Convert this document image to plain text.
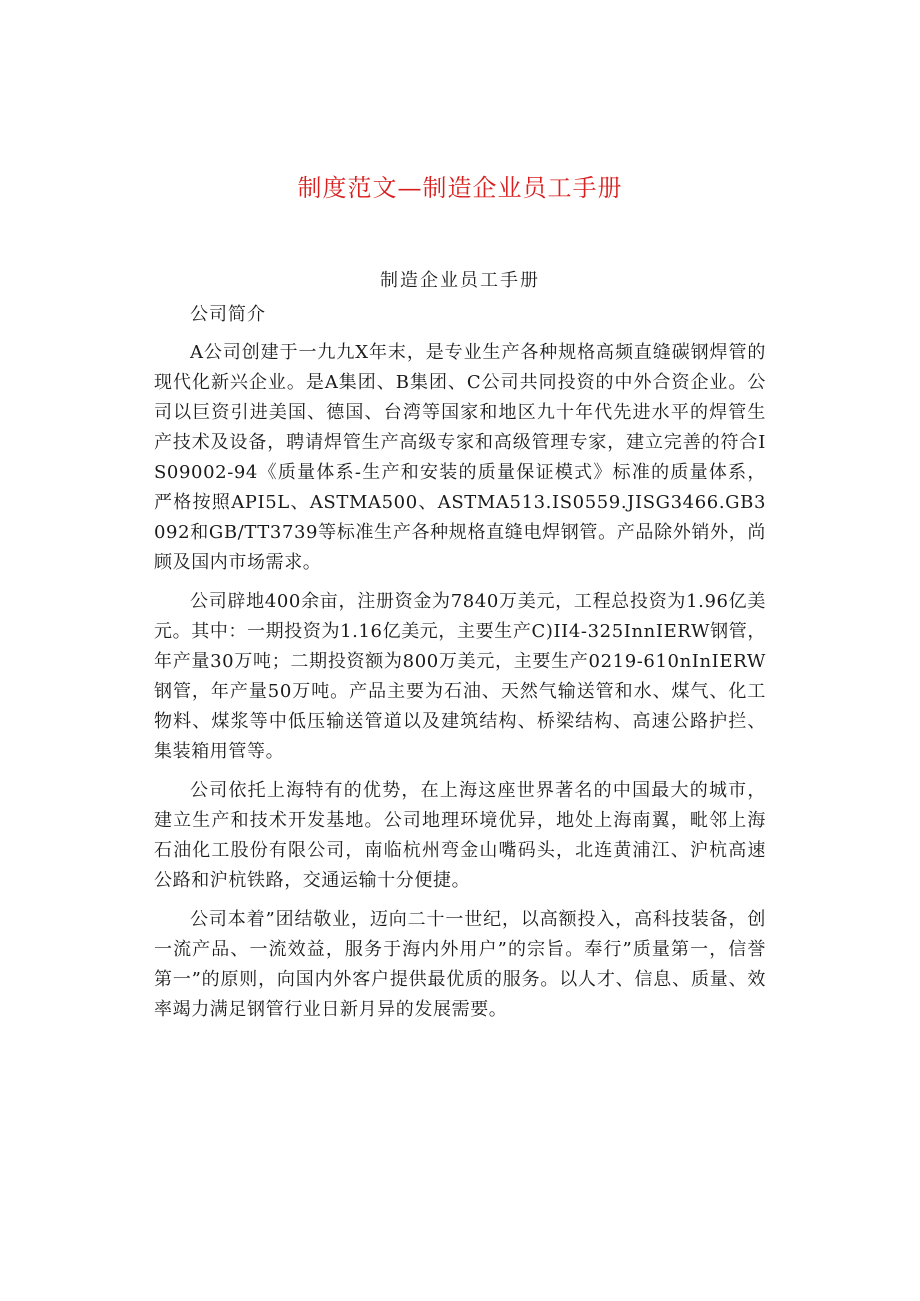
制度范文—制造企业员工手册
制造企业员工手册

公司简介

A公司创建于一九九X年末，是专业生产各种规格高频直缝碳钢焊管的现代化新兴企业。是A集团、B集团、C公司共同投资的中外合资企业。公司以巨资引进美国、德国、台湾等国家和地区九十年代先进水平的焊管生产技术及设备，聘请焊管生产高级专家和高级管理专家，建立完善的符合IS09002-94《质量体系-生产和安装的质量保证模式》标准的质量体系，严格按照API5L、ASTMA500、ASTMA513.IS0559.JISG3466.GB3092和GB/TT3739等标准生产各种规格直缝电焊钢管。产品除外销外，尚顾及国内市场需求。

公司辟地400余亩，注册资金为7840万美元，工程总投资为1.96亿美元。其中：一期投资为1.16亿美元，主要生产C)II4-325InnIERW钢管，年产量30万吨；二期投资额为800万美元，主要生产0219-610nInIERW钢管，年产量50万吨。产品主要为石油、天然气输送管和水、煤气、化工物料、煤浆等中低压输送管道以及建筑结构、桥梁结构、高速公路护拦、集装箱用管等。

公司依托上海特有的优势，在上海这座世界著名的中国最大的城市，建立生产和技术开发基地。公司地理环境优异，地处上海南翼，毗邻上海石油化工股份有限公司，南临杭州弯金山嘴码头，北连黄浦江、沪杭高速公路和沪杭铁路，交通运输十分便捷。

公司本着”团结敬业，迈向二十一世纪，以高额投入，高科技装备，创一流产品、一流效益，服务于海内外用户”的宗旨。奉行”质量第一，信誉第一”的原则，向国内外客户提供最优质的服务。以人才、信息、质量、效率竭力满足钢管行业日新月异的发展需要。
